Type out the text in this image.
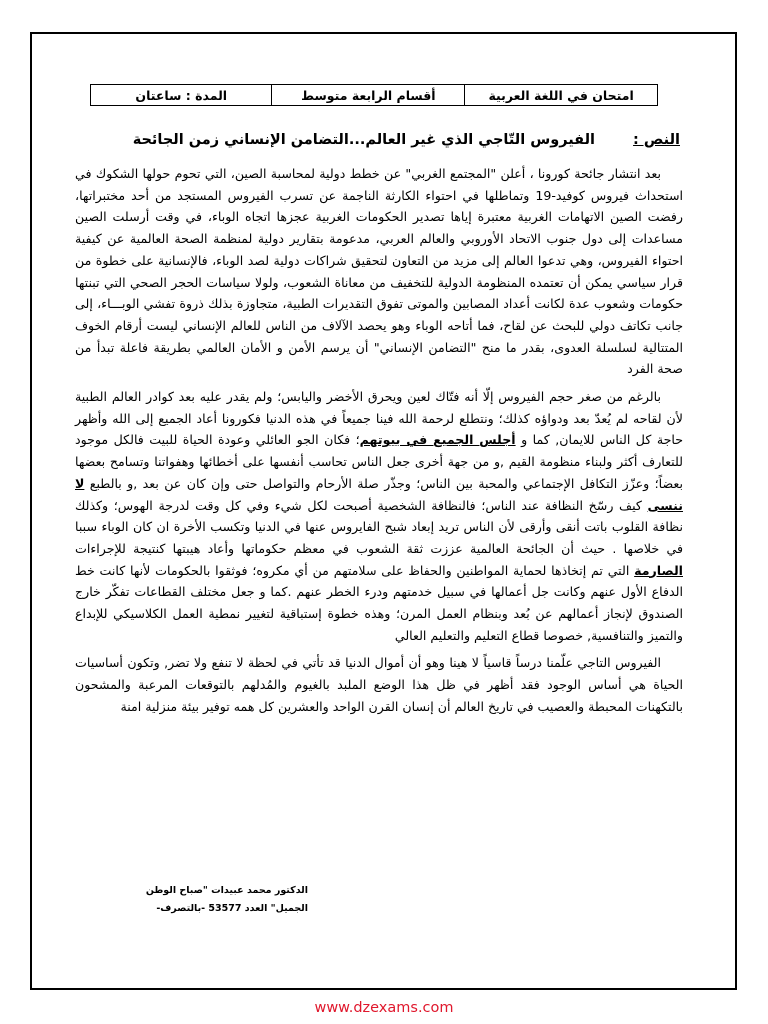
امتحان في اللغة العربية	أقسام الرابعة متوسط	المدة : ساعتان
النص :الفيروس التّاجي الذي غير العالم...التضامن الإنساني زمن الجائحة

بعد انتشار جائحة كورونا ، أعلن "المجتمع الغربي" عن خطط دولية لمحاسبة الصين، التي تحوم حولها الشكوك في استحداث فيروس كوفيد-19 وتماطلها في احتواء الكارثة الناجمة عن تسرب الفيروس المستجد من أحد مختبراتها، رفضت الصين الاتهامات الغربية معتبرة إياها تصدير الحكومات الغربية عجزها اتجاه الوباء، في وقت أرسلت الصين مساعدات إلى دول جنوب الاتحاد الأوروبي والعالم العربي، مدعومة بتقارير دولية لمنظمة الصحة العالمية عن كيفية احتواء الفيروس، وهي تدعوا العالم إلى مزيد من التعاون لتحقيق شراكات دولية لصد الوباء، فالإنسانية على خطوة من قرار سياسي يمكن أن تعتمده المنظومة الدولية للتخفيف من معاناة الشعوب، ولولا سياسات الحجر الصحي التي تبنتها حكومات وشعوب عدة لكانت أعداد المصابين والموتى تفوق التقديرات الطبية، متجاوزة بذلك ذروة تفشي الوبـــاء، إلى جانب تكاتف دولي للبحث عن لقاح، فما أتاحه الوباء وهو يحصد الآلاف من الناس للعالم الإنساني ليست أرقام الخوف المتتالية لسلسلة العدوى، بقدر ما منح "التضامن الإنساني" أن يرسم الأمن و الأمان العالمي بطريقة فاعلة تبدأ من صحة الفرد

بالرغم من صغر حجم الفيروس إلّا أنه فتّاك لعين ويحرق الأخضر واليابس؛ ولم يقدر عليه بعد كوادر العالم الطبية لأن لقاحه لم يُعدّ بعد ودواؤه كذلك؛ ونتطلع لرحمة الله فينا جميعاً في هذه الدنيا فكورونا أعاد الجميع إلى الله وأظهر حاجة كل الناس للايمان, كما و أجلس الجميع في بيوتهم؛ فكان الجو العائلي وعودة الحياة للبيت فالكل موجود للتعارف أكثر ولبناء منظومة القيم ,و من جهة أخرى جعل الناس تحاسب أنفسها على أخطائها وهفواتنا وتسامح بعضها بعضاً؛ وعزّز التكافل الإجتماعي والمحبة بين الناس؛ وجذّر صلة الأرحام والتواصل حتى وإن كان عن بعد ,و بالطبع لا ننسى كيف رسّخ النظافة عند الناس؛ فالنظافة الشخصية أصبحت لكل شيء وفي كل وقت لدرجة الهوس؛ وكذلك نظافة القلوب باتت أنقى وأرقى لأن الناس تريد إبعاد شبح الفايروس عنها في الدنيا وتكسب الأخرة ان كان الوباء سببا في خلاصها . حيث أن الجائحة العالمية عززت ثقة الشعوب في معظم حكوماتها وأعاد هيبتها كنتيجة للإجراءات الصارمة التي تم إتخاذها لحماية المواطنين والحفاظ على سلامتهم من أي مكروه؛ فوثقوا بالحكومات لأنها كانت خط الدفاع الأول عنهم وكانت جل أعمالها في سبيل خدمتهم ودرء الخطر عنهم .كما و جعل مختلف القطاعات تفكّر خارج الصندوق لإنجاز أعمالهم عن بُعد وبنظام العمل المرن؛ وهذه خطوة إستباقية لتغيير نمطية العمل الكلاسيكي للإبداع والتميز والتنافسية, خصوصا قطاع التعليم والتعليم العالي

الفيروس التاجي علّمنا درساً قاسياً لا هينا وهو أن أموال الدنيا قد تأتي في لحظة لا تنفع ولا تضر, وتكون أساسيات الحياة هي أساس الوجود فقد أظهر في ظل هذا الوضع الملبد بالغيوم والمُدلهم بالتوقعات المرعبة والمشحون بالتكهنات المحبطة والعصيب في تاريخ العالم أن إنسان القرن الواحد والعشرين كل همه توفير بيئة منزلية امنة

الدكتور محمد عبيدات "صباح الوطن
الجميل" العدد 53577 -بالتصرف-
www.dzexams.com
